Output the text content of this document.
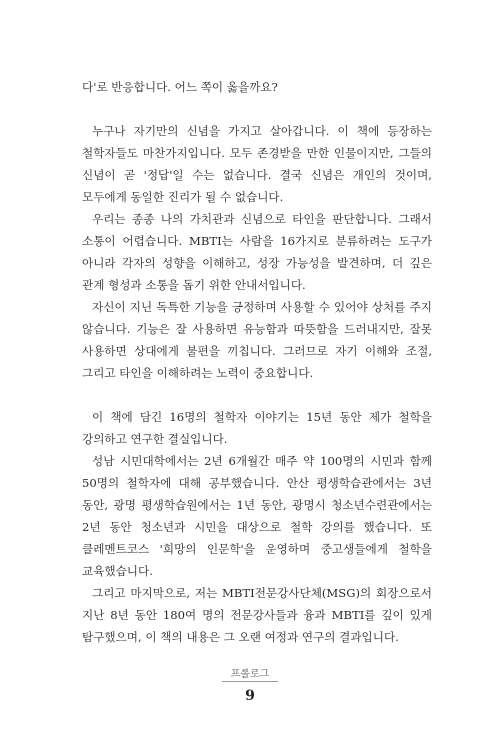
다'로 반응합니다. 어느 쪽이 옳을까요?

누구나 자기만의 신념을 가지고 살아갑니다. 이 책에 등장하는 철학자들도 마찬가지입니다. 모두 존경받을 만한 인물이지만, 그들의 신념이 곧 '정답'일 수는 없습니다. 결국 신념은 개인의 것이며, 모두에게 동일한 진리가 될 수 없습니다.

우리는 종종 나의 가치관과 신념으로 타인을 판단합니다. 그래서 소통이 어렵습니다. MBTI는 사람을 16가지로 분류하려는 도구가 아니라 각자의 성향을 이해하고, 성장 가능성을 발견하며, 더 깊은 관계 형성과 소통을 돕기 위한 안내서입니다.

자신이 지닌 독특한 기능을 긍정하며 사용할 수 있어야 상처를 주지 않습니다. 기능은 잘 사용하면 유능함과 따뜻함을 드러내지만, 잘못 사용하면 상대에게 불편을 끼칩니다. 그러므로 자기 이해와 조절, 그리고 타인을 이해하려는 노력이 중요합니다.

이 책에 담긴 16명의 철학자 이야기는 15년 동안 제가 철학을 강의하고 연구한 결실입니다.

성남 시민대학에서는 2년 6개월간 매주 약 100명의 시민과 함께 50명의 철학자에 대해 공부했습니다. 안산 평생학습관에서는 3년 동안, 광명 평생학습원에서는 1년 동안, 광명시 청소년수련관에서는 2년 동안 청소년과 시민을 대상으로 철학 강의를 했습니다. 또 클레멘트코스 '희망의 인문학'을 운영하며 중고생들에게 철학을 교육했습니다.

그리고 마지막으로, 저는 MBTI전문강사단체(MSG)의 회장으로서 지난 8년 동안 180여 명의 전문강사들과 융과 MBTI를 깊이 있게 탐구했으며, 이 책의 내용은 그 오랜 여정과 연구의 결과입니다.

프롤로그
9
